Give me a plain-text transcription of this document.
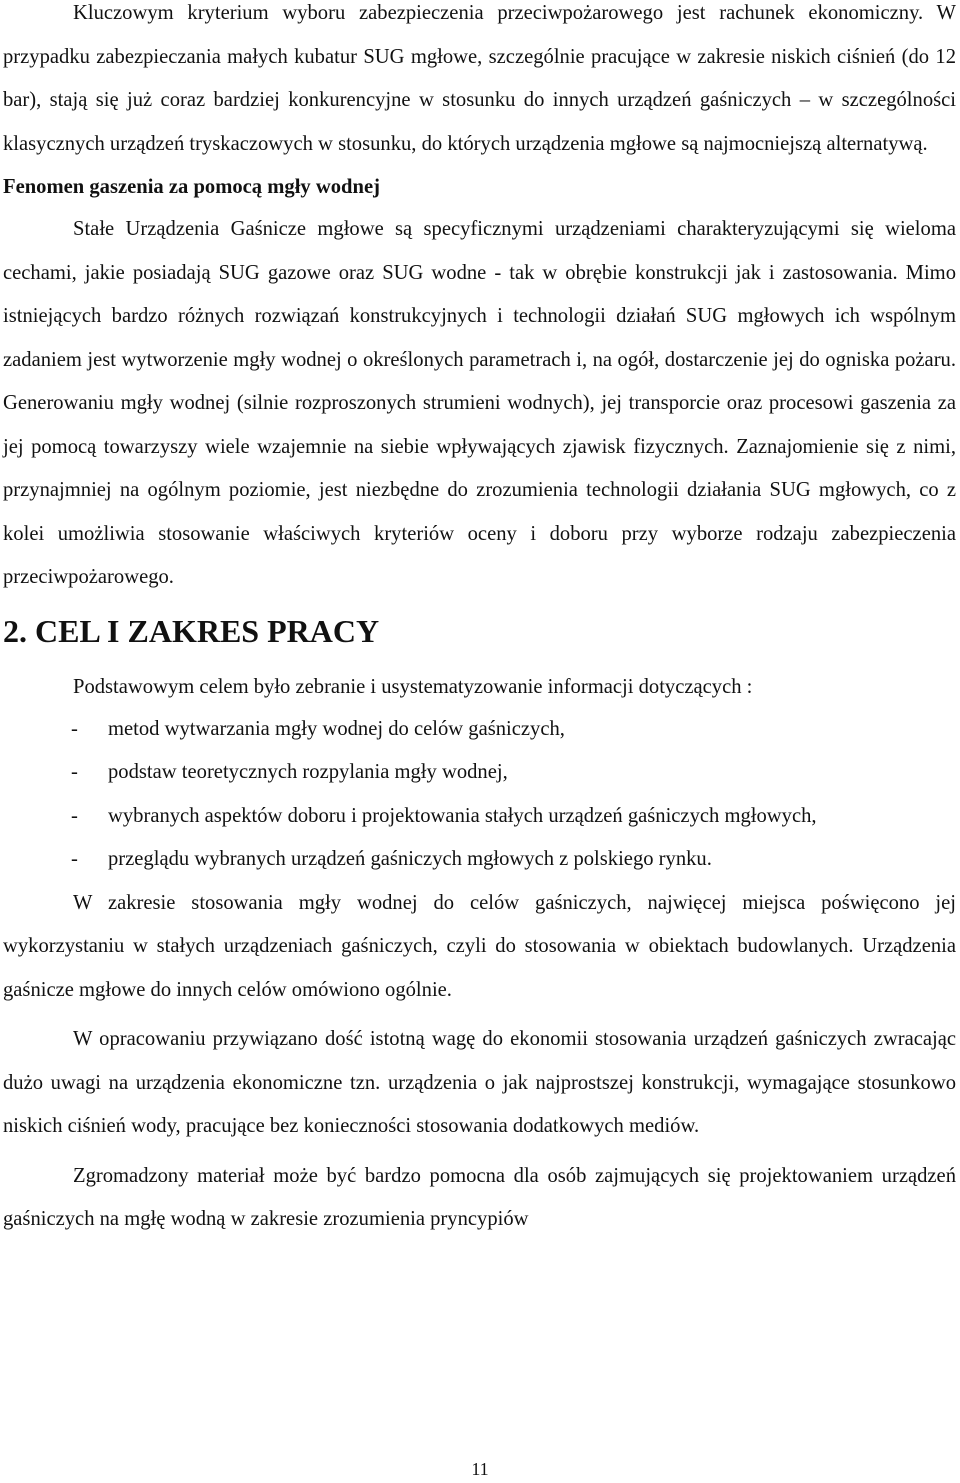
Kluczowym kryterium wyboru zabezpieczenia przeciwpożarowego jest rachunek ekonomiczny. W przypadku zabezpieczania małych kubatur SUG mgłowe, szczególnie pracujące w zakresie niskich ciśnień (do 12 bar), stają się już coraz bardziej konkurencyjne w stosunku do innych urządzeń gaśniczych – w szczególności klasycznych urządzeń tryskaczowych w stosunku, do których urządzenia mgłowe są najmocniejszą alternatywą.

Fenomen gaszenia za pomocą mgły wodnej

Stałe Urządzenia Gaśnicze mgłowe są specyficznymi urządzeniami charakteryzującymi się wieloma cechami, jakie posiadają SUG gazowe oraz SUG wodne - tak w obrębie konstrukcji jak i zastosowania. Mimo istniejących bardzo różnych rozwiązań konstrukcyjnych i technologii działań SUG mgłowych ich wspólnym zadaniem jest wytworzenie mgły wodnej o określonych parametrach i, na ogół, dostarczenie jej do ogniska pożaru. Generowaniu mgły wodnej (silnie rozproszonych strumieni wodnych), jej transporcie oraz procesowi gaszenia za jej pomocą towarzyszy wiele wzajemnie na siebie wpływających zjawisk fizycznych. Zaznajomienie się z nimi, przynajmniej na ogólnym poziomie, jest niezbędne do zrozumienia technologii działania SUG mgłowych, co z kolei umożliwia stosowanie właściwych kryteriów oceny i doboru przy wyborze rodzaju zabezpieczenia przeciwpożarowego.

2. CEL I ZAKRES PRACY

Podstawowym celem było zebranie i usystematyzowanie informacji dotyczących :

- metod wytwarzania mgły wodnej do celów gaśniczych,
- podstaw teoretycznych rozpylania mgły wodnej,
- wybranych aspektów doboru i projektowania stałych urządzeń gaśniczych mgłowych,
- przeglądu wybranych urządzeń gaśniczych mgłowych z polskiego rynku.

W zakresie stosowania mgły wodnej do celów gaśniczych, najwięcej miejsca poświęcono jej wykorzystaniu w stałych urządzeniach gaśniczych, czyli do stosowania w obiektach budowlanych. Urządzenia gaśnicze mgłowe do innych celów omówiono ogólnie.

W opracowaniu przywiązano dość istotną wagę do ekonomii stosowania urządzeń gaśniczych zwracając dużo uwagi na urządzenia ekonomiczne tzn. urządzenia o jak najprostszej konstrukcji, wymagające stosunkowo niskich ciśnień wody, pracujące bez konieczności stosowania dodatkowych mediów.

Zgromadzony materiał może być bardzo pomocna dla osób zajmujących się projektowaniem urządzeń gaśniczych na mgłę wodną w zakresie zrozumienia pryncypiów

11
